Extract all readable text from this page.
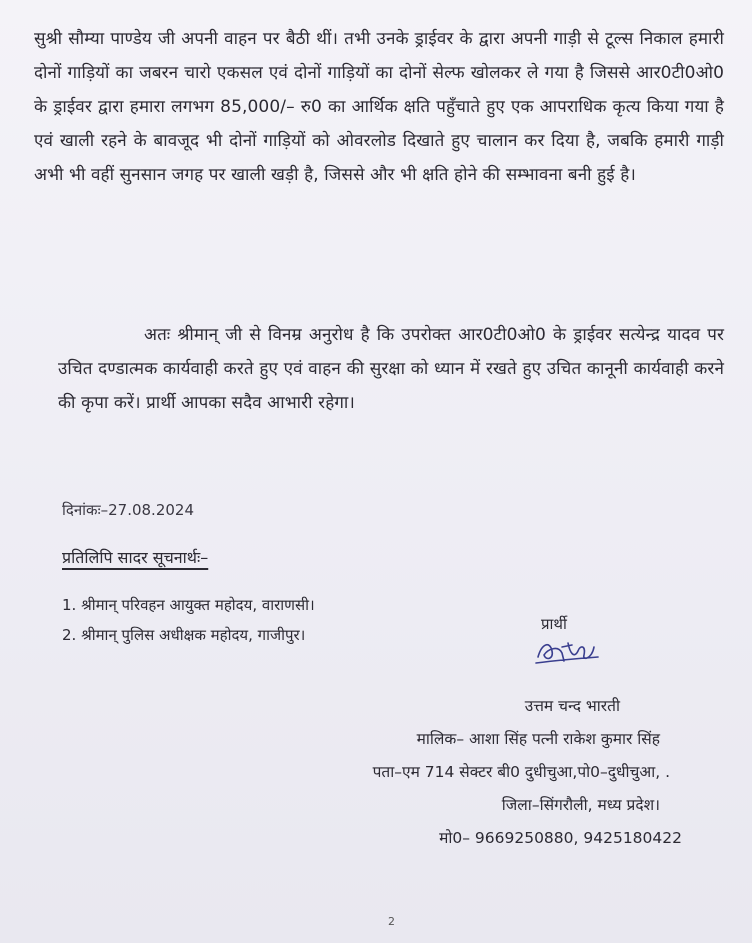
सुश्री सौम्या पाण्डेय जी अपनी वाहन पर बैठी थीं। तभी उनके ड्राईवर के द्वारा अपनी गाड़ी से टूल्स निकाल हमारी दोनों गाड़ियों का जबरन चारो एकसल एवं दोनों गाड़ियों का दोनों सेल्फ खोलकर ले गया है जिससे आर0टी0ओ0 के ड्राईवर द्वारा हमारा लगभग 85,000/– रु0 का आर्थिक क्षति पहुँचाते हुए एक आपराधिक कृत्य किया गया है एवं खाली रहने के बावजूद भी दोनों गाड़ियों को ओवरलोड दिखाते हुए चालान कर दिया है, जबकि हमारी गाड़ी अभी भी वहीं सुनसान जगह पर खाली खड़ी है, जिससे और भी क्षति होने की सम्भावना बनी हुई है।
अतः श्रीमान् जी से विनम्र अनुरोध है कि उपरोक्त आर0टी0ओ0 के ड्राईवर सत्येन्द्र यादव पर उचित दण्डात्मक कार्यवाही करते हुए एवं वाहन की सुरक्षा को ध्यान में रखते हुए उचित कानूनी कार्यवाही करने की कृपा करें। प्रार्थी आपका सदैव आभारी रहेगा।
दिनांकः–27.08.2024
प्रतिलिपि सादर सूचनार्थः–
1. श्रीमान् परिवहन आयुक्त महोदय, वाराणसी।
2. श्रीमान् पुलिस अधीक्षक महोदय, गाजीपुर।
प्रार्थी
उत्तम चन्द भारती
मालिक– आशा सिंह पत्नी राकेश कुमार सिंह
पता–एम 714 सेक्टर बी0 दुधीचुआ,पो0–दुधीचुआ, .
जिला–सिंगरौली, मध्य प्रदेश।
मो0– 9669250880, 9425180422
2
